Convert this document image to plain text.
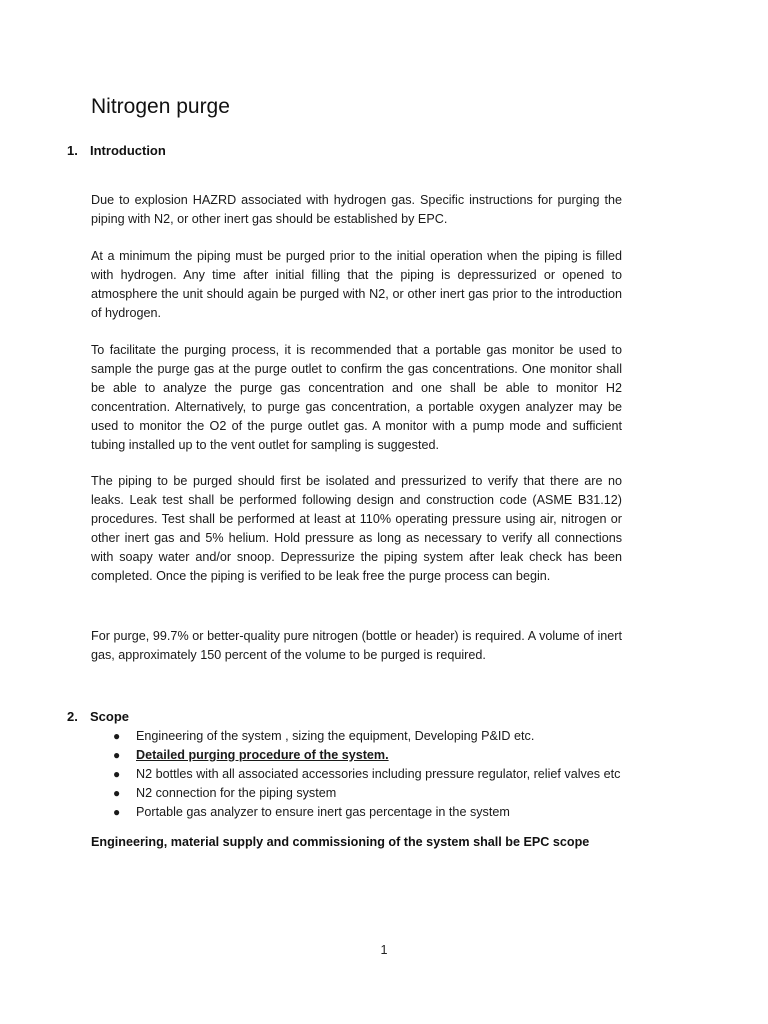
Nitrogen purge
1. Introduction

Due to explosion HAZRD associated with hydrogen gas. Specific instructions for purging the piping with N2, or other inert gas should be established by EPC.

At a minimum the piping must be purged prior to the initial operation when the piping is filled with hydrogen. Any time after initial filling that the piping is depressurized or opened to atmosphere the unit should again be purged with N2, or other inert gas prior to the introduction of hydrogen.

To facilitate the purging process, it is recommended that a portable gas monitor be used to sample the purge gas at the purge outlet to confirm the gas concentrations. One monitor shall be able to analyze the purge gas concentration and one shall be able to monitor H2 concentration. Alternatively, to purge gas concentration, a portable oxygen analyzer may be used to monitor the O2 of the purge outlet gas. A monitor with a pump mode and sufficient tubing installed up to the vent outlet for sampling is suggested.

The piping to be purged should first be isolated and pressurized to verify that there are no leaks. Leak test shall be performed following design and construction code (ASME B31.12) procedures. Test shall be performed at least at 110% operating pressure using air, nitrogen or other inert gas and 5% helium. Hold pressure as long as necessary to verify all connections with soapy water and/or snoop. Depressurize the piping system after leak check has been completed. Once the piping is verified to be leak free the purge process can begin.

For purge, 99.7% or better-quality pure nitrogen (bottle or header) is required. A volume of inert gas, approximately 150 percent of the volume to be purged is required.

2. Scope
● Engineering of the system , sizing the equipment, Developing P&ID etc.
● Detailed purging procedure of the system.
● N2 bottles with all associated accessories including pressure regulator, relief valves etc
● N2 connection for the piping system
● Portable gas analyzer to ensure inert gas percentage in the system

Engineering, material supply and commissioning of the system shall be EPC scope

1
